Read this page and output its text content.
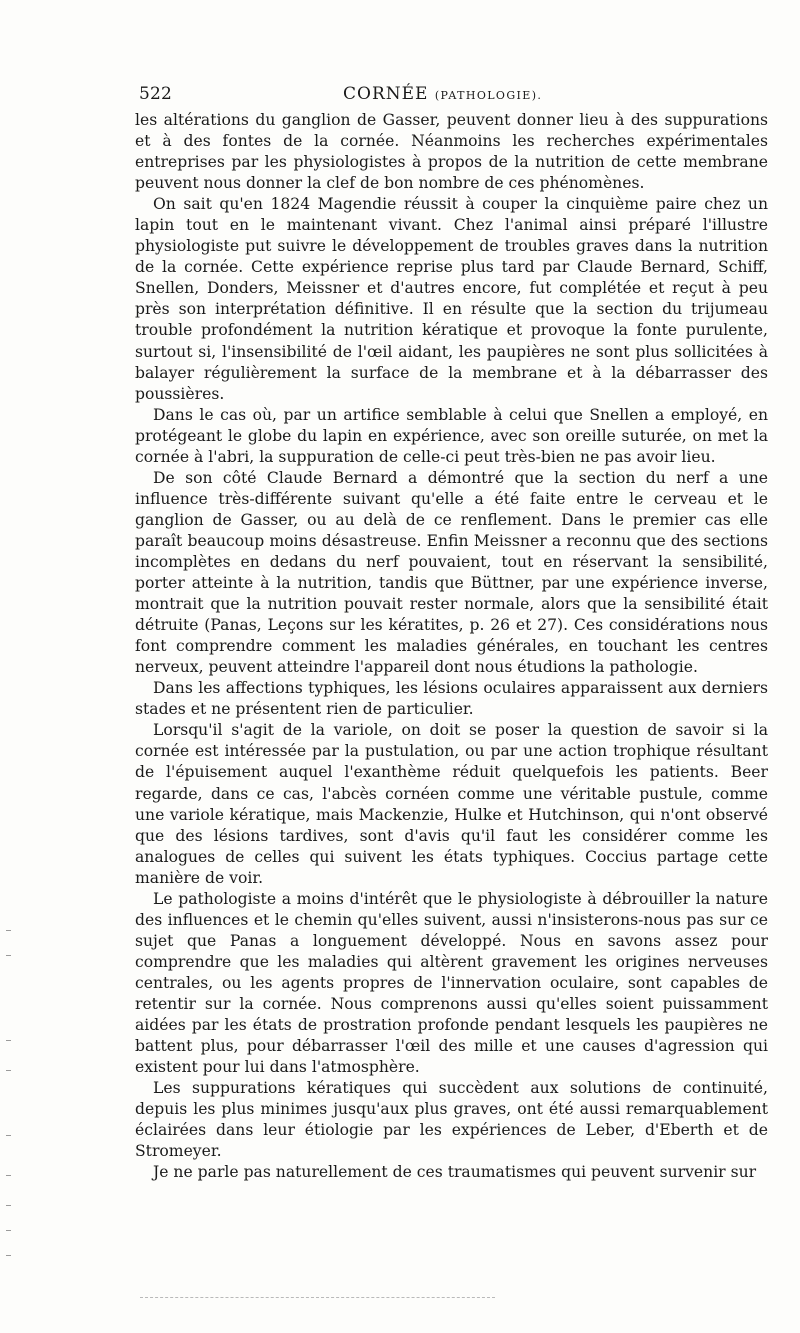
522	CORNÉE (PATHOLOGIE).

les altérations du ganglion de Gasser, peuvent donner lieu à des suppurations et à des fontes de la cornée. Néanmoins les recherches expérimentales entreprises par les physiologistes à propos de la nutrition de cette membrane peuvent nous donner la clef de bon nombre de ces phénomènes.

On sait qu'en 1824 Magendie réussit à couper la cinquième paire chez un lapin tout en le maintenant vivant. Chez l'animal ainsi préparé l'illustre physiologiste put suivre le développement de troubles graves dans la nutrition de la cornée. Cette expérience reprise plus tard par Claude Bernard, Schiff, Snellen, Donders, Meissner et d'autres encore, fut complétée et reçut à peu près son interprétation définitive. Il en résulte que la section du trijumeau trouble profondément la nutrition kératique et provoque la fonte purulente, surtout si, l'insensibilité de l'œil aidant, les paupières ne sont plus sollicitées à balayer régulièrement la surface de la membrane et à la débarrasser des poussières.

Dans le cas où, par un artifice semblable à celui que Snellen a employé, en protégeant le globe du lapin en expérience, avec son oreille suturée, on met la cornée à l'abri, la suppuration de celle-ci peut très-bien ne pas avoir lieu.

De son côté Claude Bernard a démontré que la section du nerf a une influence très-différente suivant qu'elle a été faite entre le cerveau et le ganglion de Gasser, ou au delà de ce renflement. Dans le premier cas elle paraît beaucoup moins désastreuse. Enfin Meissner a reconnu que des sections incomplètes en dedans du nerf pouvaient, tout en réservant la sensibilité, porter atteinte à la nutrition, tandis que Büttner, par une expérience inverse, montrait que la nutrition pouvait rester normale, alors que la sensibilité était détruite (Panas, Leçons sur les kératites, p. 26 et 27). Ces considérations nous font comprendre comment les maladies générales, en touchant les centres nerveux, peuvent atteindre l'appareil dont nous étudions la pathologie.

Dans les affections typhiques, les lésions oculaires apparaissent aux derniers stades et ne présentent rien de particulier.

Lorsqu'il s'agit de la variole, on doit se poser la question de savoir si la cornée est intéressée par la pustulation, ou par une action trophique résultant de l'épuisement auquel l'exanthème réduit quelquefois les patients. Beer regarde, dans ce cas, l'abcès cornéen comme une véritable pustule, comme une variole kératique, mais Mackenzie, Hulke et Hutchinson, qui n'ont observé que des lésions tardives, sont d'avis qu'il faut les considérer comme les analogues de celles qui suivent les états typhiques. Coccius partage cette manière de voir.

Le pathologiste a moins d'intérêt que le physiologiste à débrouiller la nature des influences et le chemin qu'elles suivent, aussi n'insisterons-nous pas sur ce sujet que Panas a longuement développé. Nous en savons assez pour comprendre que les maladies qui altèrent gravement les origines nerveuses centrales, ou les agents propres de l'innervation oculaire, sont capables de retentir sur la cornée. Nous comprenons aussi qu'elles soient puissamment aidées par les états de prostration profonde pendant lesquels les paupières ne battent plus, pour débarrasser l'œil des mille et une causes d'agression qui existent pour lui dans l'atmosphère.

Les suppurations kératiques qui succèdent aux solutions de continuité, depuis les plus minimes jusqu'aux plus graves, ont été aussi remarquablement éclairées dans leur étiologie par les expériences de Leber, d'Eberth et de Stromeyer.

Je ne parle pas naturellement de ces traumatismes qui peuvent survenir sur
